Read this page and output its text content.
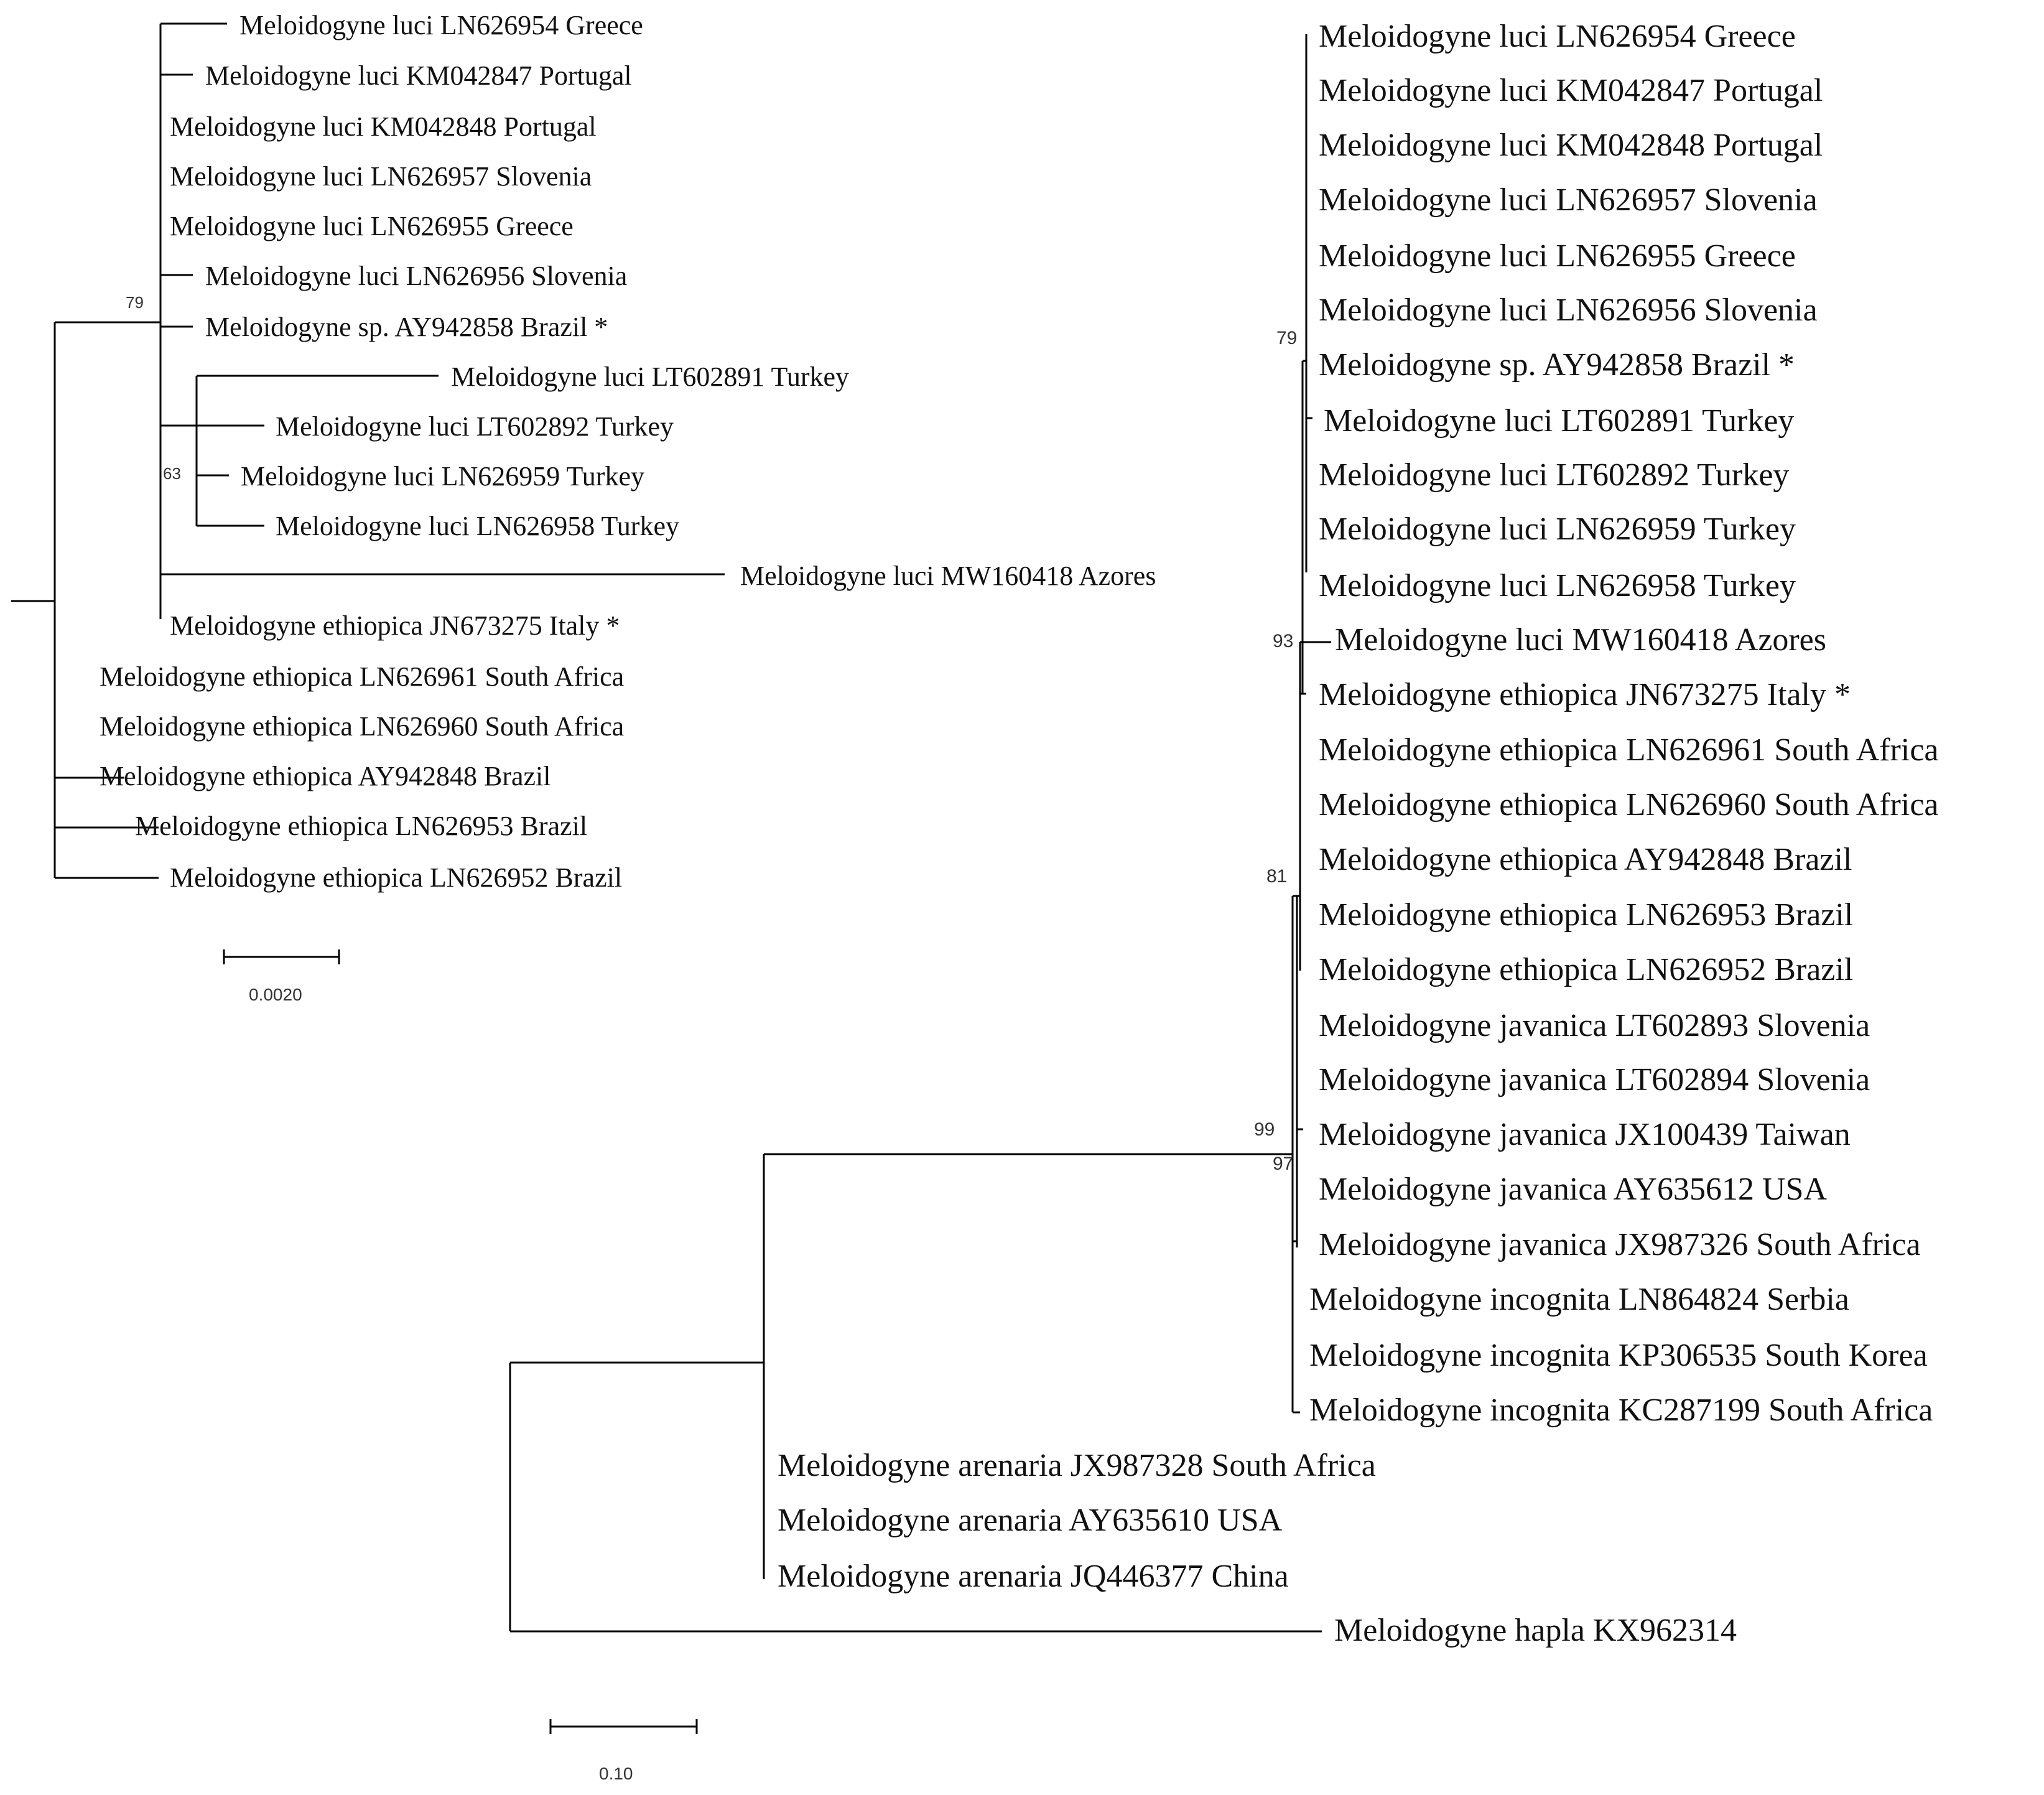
79
63
Meloidogyne luci LN626954 Greece
Meloidogyne luci KM042847 Portugal
Meloidogyne luci KM042848 Portugal
Meloidogyne luci LN626957 Slovenia
Meloidogyne luci LN626955 Greece
Meloidogyne luci LN626956 Slovenia
Meloidogyne sp. AY942858 Brazil *
Meloidogyne luci LT602891 Turkey
Meloidogyne luci LT602892 Turkey
Meloidogyne luci LN626959 Turkey
Meloidogyne luci LN626958 Turkey
Meloidogyne luci MW160418 Azores
Meloidogyne ethiopica JN673275 Italy *
Meloidogyne ethiopica LN626961 South Africa
Meloidogyne ethiopica LN626960 South Africa
Meloidogyne ethiopica AY942848 Brazil
Meloidogyne ethiopica LN626953 Brazil
Meloidogyne ethiopica LN626952 Brazil
0.0020
79
93
81
99
97
Meloidogyne luci LN626954 Greece
Meloidogyne luci KM042847 Portugal
Meloidogyne luci KM042848 Portugal
Meloidogyne luci LN626957 Slovenia
Meloidogyne luci LN626955 Greece
Meloidogyne luci LN626956 Slovenia
Meloidogyne sp. AY942858 Brazil *
Meloidogyne luci LT602891 Turkey
Meloidogyne luci LT602892 Turkey
Meloidogyne luci LN626959 Turkey
Meloidogyne luci LN626958 Turkey
Meloidogyne luci MW160418 Azores
Meloidogyne ethiopica JN673275 Italy *
Meloidogyne ethiopica LN626961 South Africa
Meloidogyne ethiopica LN626960 South Africa
Meloidogyne ethiopica AY942848 Brazil
Meloidogyne ethiopica LN626953 Brazil
Meloidogyne ethiopica LN626952 Brazil
Meloidogyne javanica LT602893 Slovenia
Meloidogyne javanica LT602894 Slovenia
Meloidogyne javanica JX100439 Taiwan
Meloidogyne javanica AY635612 USA
Meloidogyne javanica JX987326 South Africa
Meloidogyne incognita LN864824 Serbia
Meloidogyne incognita KP306535 South Korea
Meloidogyne incognita KC287199 South Africa
Meloidogyne arenaria JX987328 South Africa
Meloidogyne arenaria AY635610 USA
Meloidogyne arenaria JQ446377 China
Meloidogyne hapla KX962314
0.10
